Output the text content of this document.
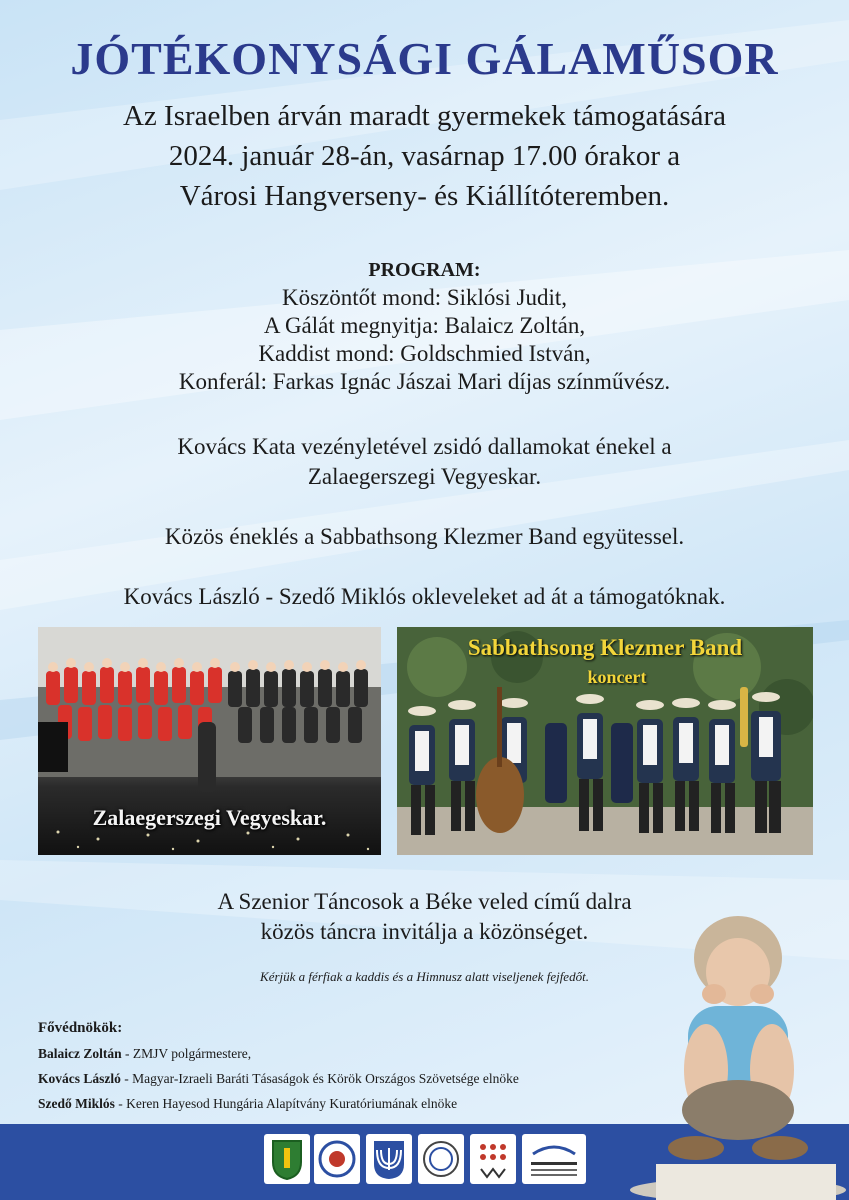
JÓTÉKONYSÁGI GÁLAMŰSOR
Az Israelben árván maradt gyermekek támogatására
2024. január 28-án, vasárnap 17.00 órakor a
Városi Hangverseny- és Kiállítóteremben.
PROGRAM:
Köszöntőt mond: Siklósi Judit,
A Gálát megnyitja: Balaicz Zoltán,
Kaddist mond: Goldschmied István,
Konferál: Farkas Ignác Jászai Mari díjas színművész.
Kovács Kata vezényletével zsidó dallamokat énekel a
Zalaegerszegi Vegyeskar.
Közös éneklés a Sabbathsong Klezmer Band együtessel.
Kovács László - Szedő Miklós okleveleket ad át a támogatóknak.
Zalaegerszegi Vegyeskar.
Sabbathsong Klezmer Band
koncert
A Szenior Táncosok a Béke veled című dalra
közös táncra invitálja a közönséget.
Kérjük a férfiak a kaddis és a Himnusz alatt viseljenek fejfedőt.
Fővédnökök:
Balaicz Zoltán - ZMJV polgármestere,
Kovács László - Magyar-Izraeli Baráti Tásaságok és Körök Országos Szövetsége elnöke
Szedő Miklós - Keren Hayesod Hungária Alapítvány Kuratóriumának elnöke
